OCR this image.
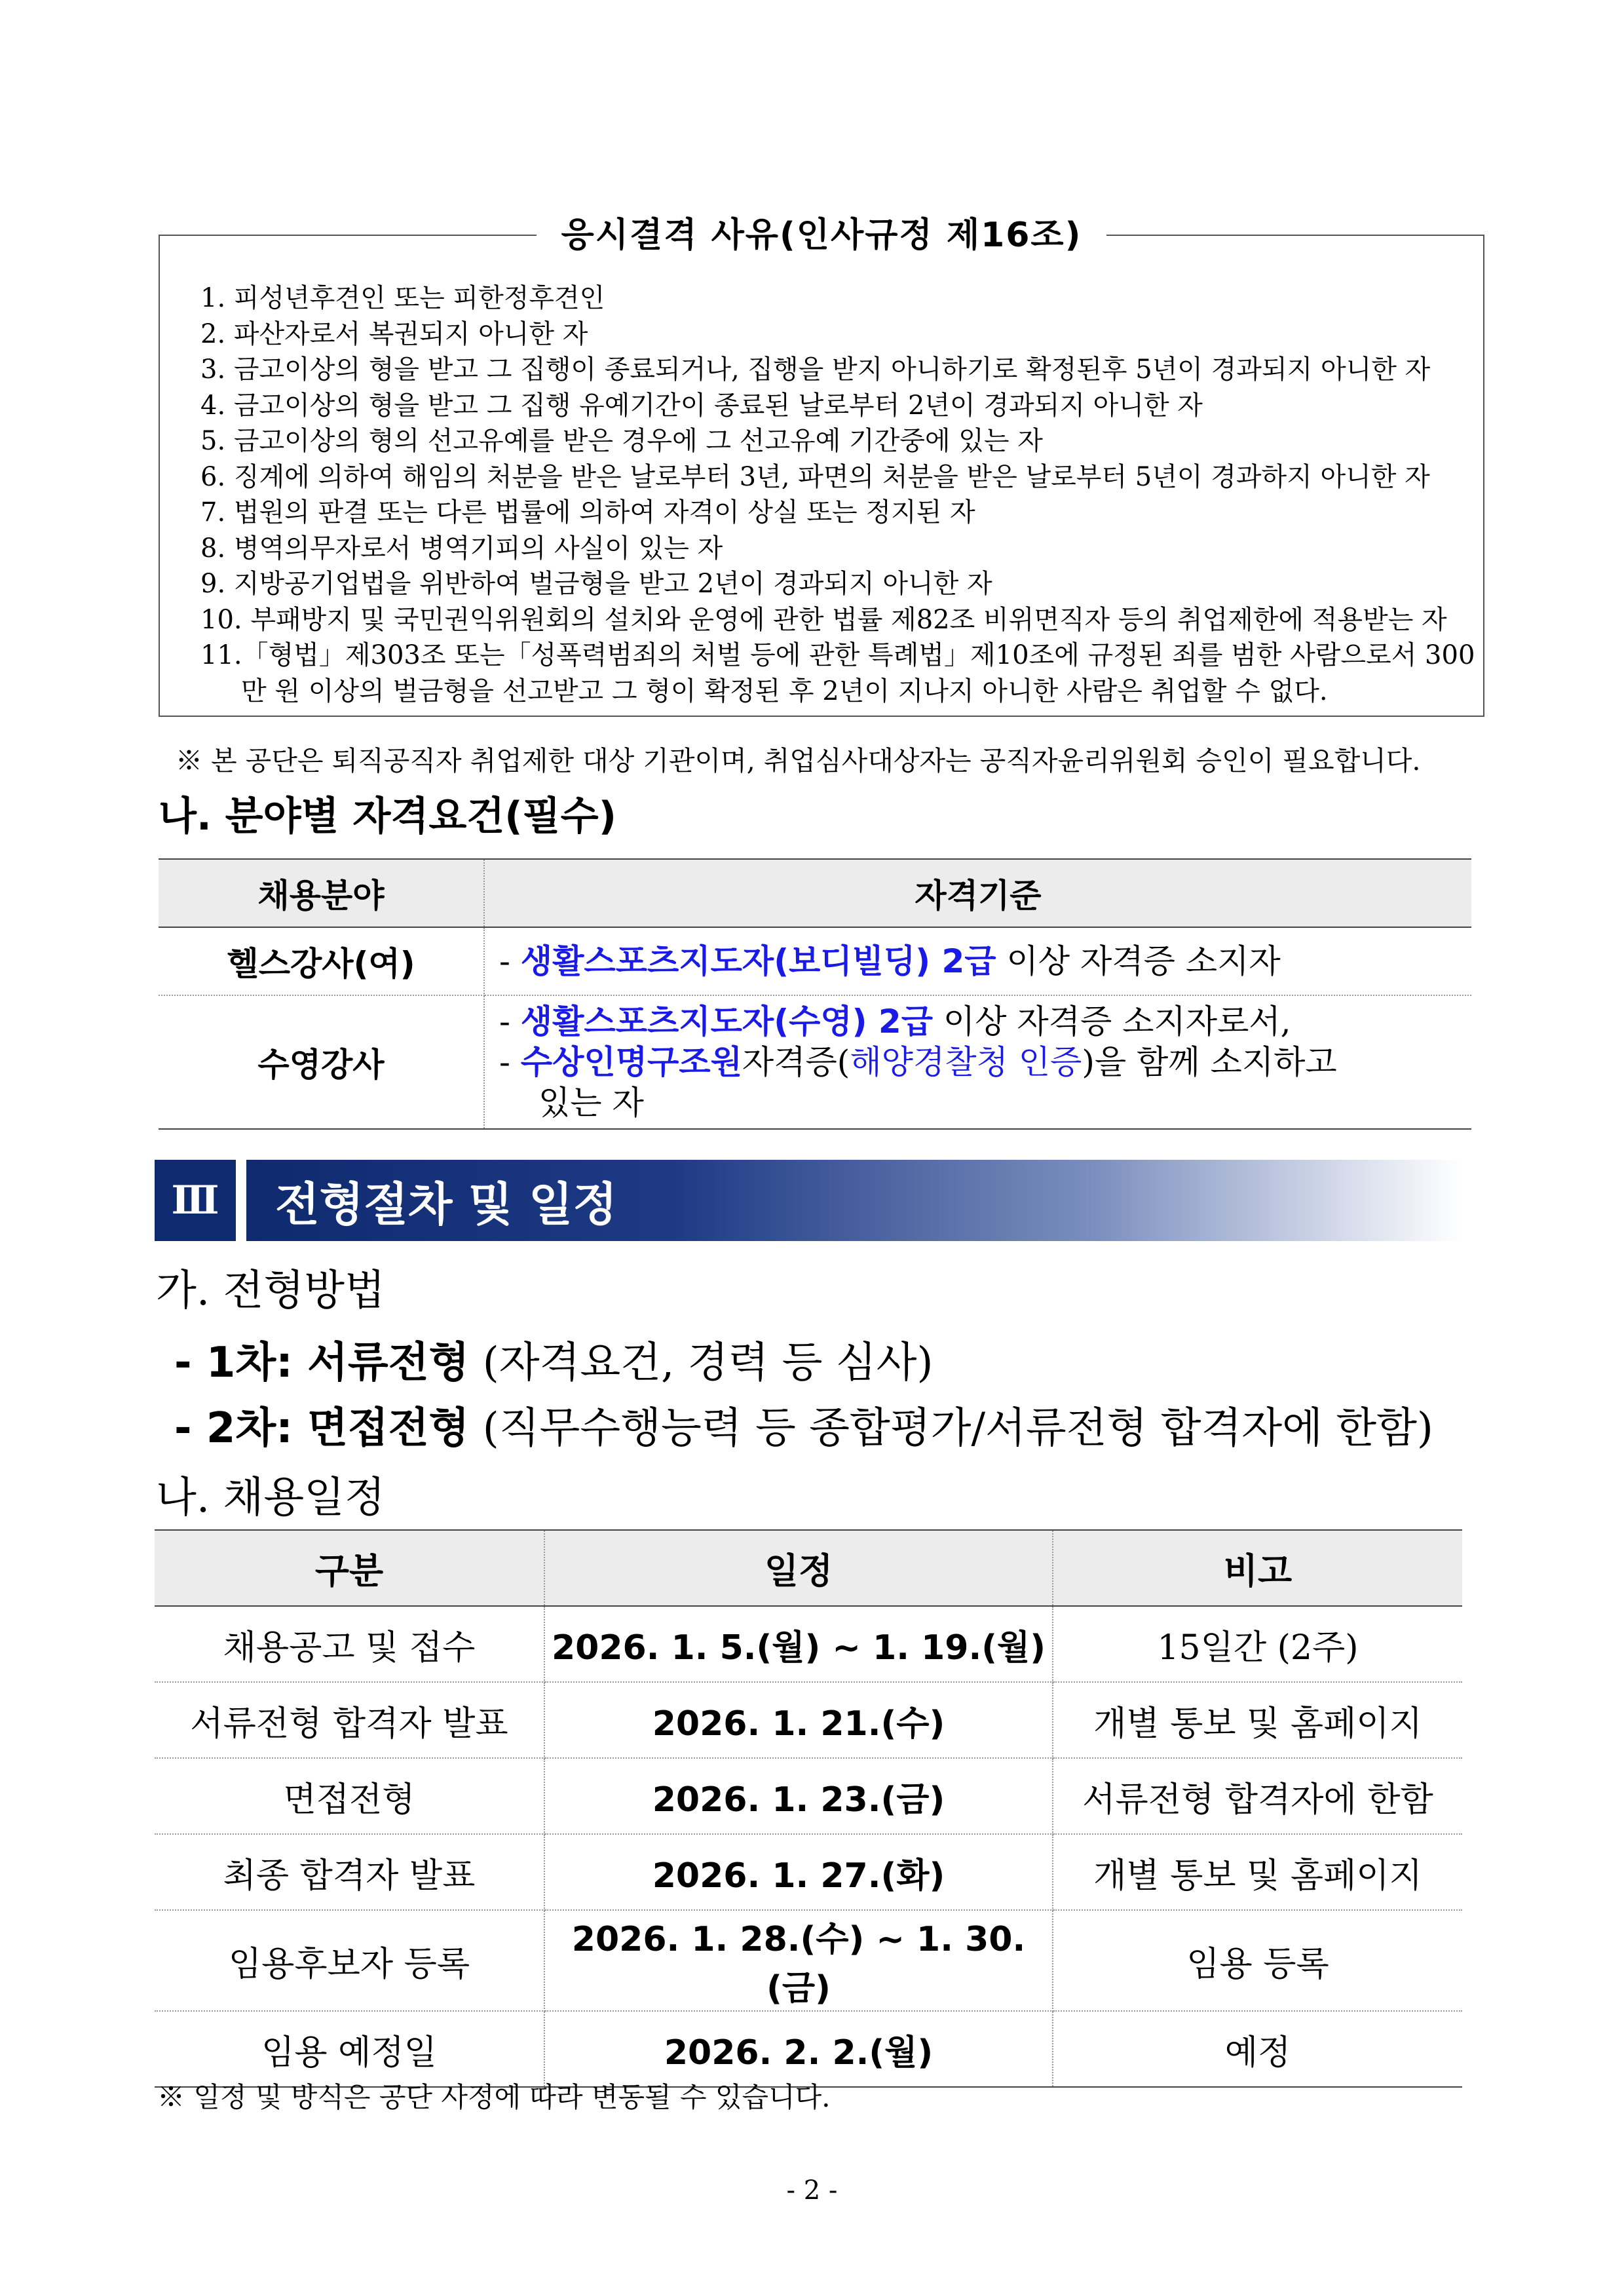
응시결격 사유(인사규정 제16조)
1. 피성년후견인 또는 피한정후견인
2. 파산자로서 복권되지 아니한 자
3. 금고이상의 형을 받고 그 집행이 종료되거나, 집행을 받지 아니하기로 확정된후 5년이 경과되지 아니한 자
4. 금고이상의 형을 받고 그 집행 유예기간이 종료된 날로부터 2년이 경과되지 아니한 자
5. 금고이상의 형의 선고유예를 받은 경우에 그 선고유예 기간중에 있는 자
6. 징계에 의하여 해임의 처분을 받은 날로부터 3년, 파면의 처분을 받은 날로부터 5년이 경과하지 아니한 자
7. 법원의 판결 또는 다른 법률에 의하여 자격이 상실 또는 정지된 자
8. 병역의무자로서 병역기피의 사실이 있는 자
9. 지방공기업법을 위반하여 벌금형을 받고 2년이 경과되지 아니한 자
10. 부패방지 및 국민권익위원회의 설치와 운영에 관한 법률 제82조 비위면직자 등의 취업제한에 적용받는 자
11.「형법」제303조 또는「성폭력범죄의 처벌 등에 관한 특례법」제10조에 규정된 죄를 범한 사람으로서 300
만 원 이상의 벌금형을 선고받고 그 형이 확정된 후 2년이 지나지 아니한 사람은 취업할 수 없다.
※ 본 공단은 퇴직공직자 취업제한 대상 기관이며, 취업심사대상자는 공직자윤리위원회 승인이 필요합니다.
나. 분야별 자격요건(필수)
채용분야	자격기준
헬스강사(여)	- 생활스포츠지도자(보디빌딩) 2급 이상 자격증 소지자
수영강사	- 생활스포츠지도자(수영) 2급 이상 자격증 소지자로서,
- 수상인명구조원자격증(해양경찰청 인증)을 함께 소지하고
있는 자
Ⅲ	전형절차 및 일정
가. 전형방법
- 1차: 서류전형 (자격요건, 경력 등 심사)
- 2차: 면접전형 (직무수행능력 등 종합평가/서류전형 합격자에 한함)
나. 채용일정
구분	일정	비고
채용공고 및 접수	2026. 1. 5.(월) ~ 1. 19.(월)	15일간 (2주)
서류전형 합격자 발표	2026. 1. 21.(수)	개별 통보 및 홈페이지
면접전형	2026. 1. 23.(금)	서류전형 합격자에 한함
최종 합격자 발표	2026. 1. 27.(화)	개별 통보 및 홈페이지
임용후보자 등록	2026. 1. 28.(수) ~ 1. 30.(금)	임용 등록
임용 예정일	2026. 2. 2.(월)	예정
※ 일정 및 방식은 공단 사정에 따라 변동될 수 있습니다.
- 2 -
